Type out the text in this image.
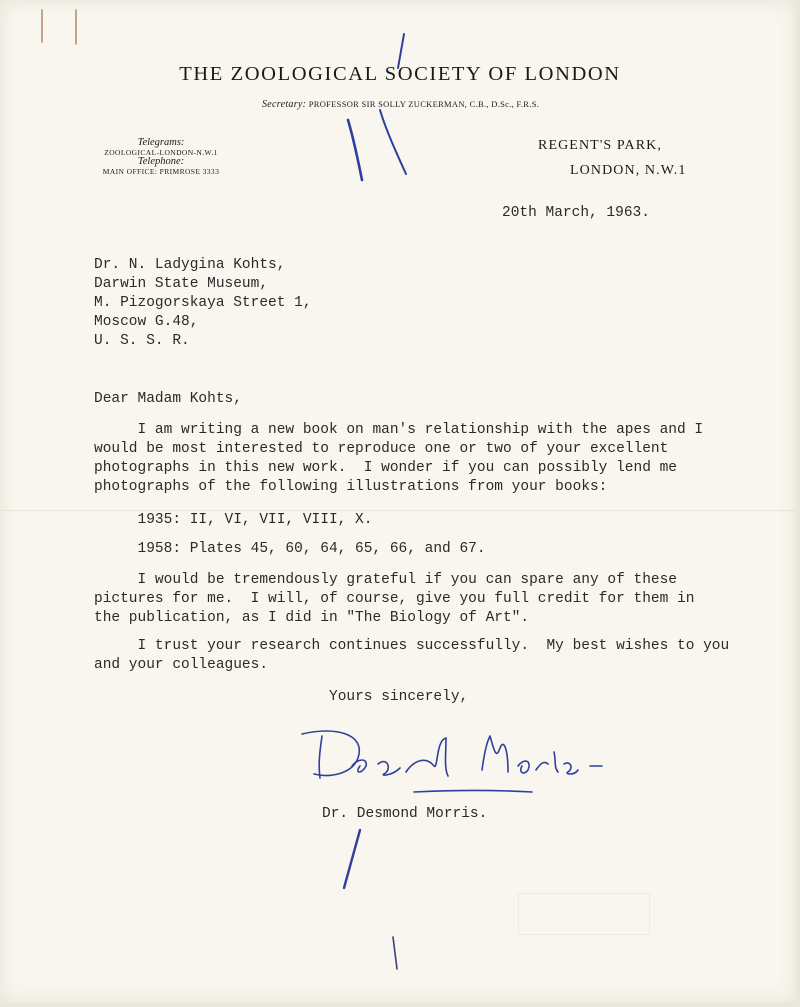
THE ZOOLOGICAL SOCIETY OF LONDON
Secretary: PROFESSOR SIR SOLLY ZUCKERMAN, C.B., D.Sc., F.R.S.
Telegrams:
ZOOLOGICAL-LONDON-N.W.1
Telephone:
MAIN OFFICE: PRIMROSE 3333
REGENT'S PARK,
LONDON, N.W.1
20th March, 1963.
Dr. N. Ladygina Kohts,
Darwin State Museum,
M. Pizogorskaya Street 1,
Moscow G.48,
U. S. S. R.
Dear Madam Kohts,
I am writing a new book on man's relationship with the apes and I
would be most interested to reproduce one or two of your excellent
photographs in this new work.  I wonder if you can possibly lend me
photographs of the following illustrations from your books:
1935: II, VI, VII, VIII, X.
1958: Plates 45, 60, 64, 65, 66, and 67.
I would be tremendously grateful if you can spare any of these
pictures for me.  I will, of course, give you full credit for them in
the publication, as I did in "The Biology of Art".
I trust your research continues successfully.  My best wishes to you
and your colleagues.
Yours sincerely,
Dr. Desmond Morris.
